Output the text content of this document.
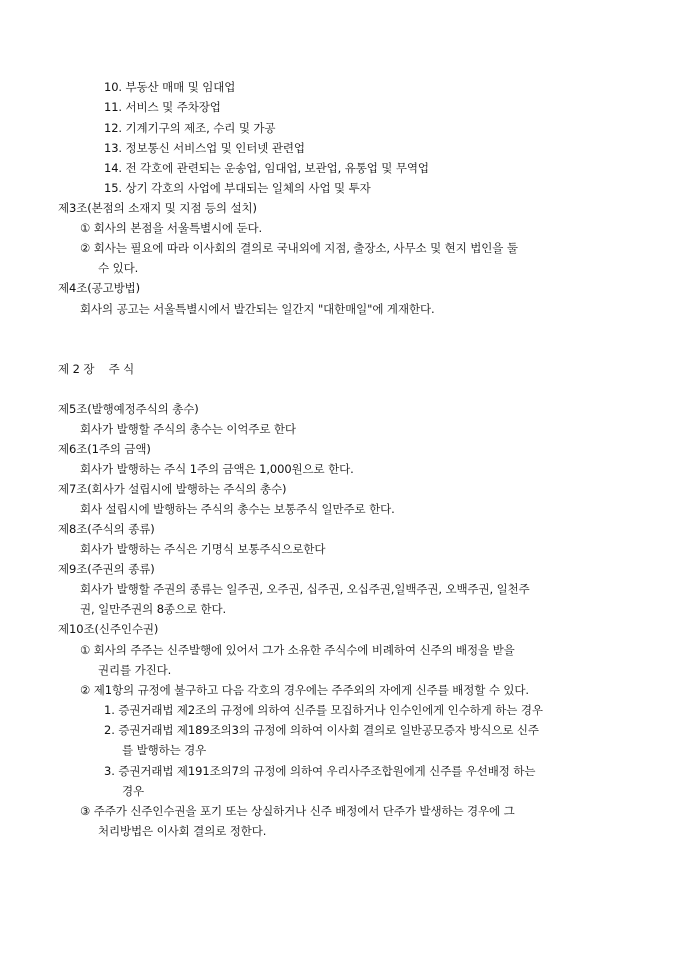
10. 부동산 매매 및 임대업
11. 서비스 및 주차장업
12. 기계기구의 제조, 수리 및 가공
13. 정보통신 서비스업 및 인터넷 관련업
14. 전 각호에 관련되는 운송업, 임대업, 보관업, 유통업 및 무역업
15. 상기 각호의 사업에 부대되는 일체의 사업 및 투자
제3조(본점의 소재지 및 지점 등의 설치)
① 회사의 본점을 서울특별시에 둔다.
② 회사는 필요에 따라 이사회의 결의로 국내외에 지점, 출장소, 사무소 및 현지 법인을 둘
수 있다.
제4조(공고방법)
회사의 공고는 서울특별시에서 발간되는 일간지 "대한매일"에 게재한다.
제 2 장    주 식
제5조(발행예정주식의 총수)
회사가 발행할 주식의 총수는 이억주로 한다
제6조(1주의 금액)
회사가 발행하는 주식 1주의 금액은 1,000원으로 한다.
제7조(회사가 설립시에 발행하는 주식의 총수)
회사 설립시에 발행하는 주식의 총수는 보통주식 일만주로 한다.
제8조(주식의 종류)
회사가 발행하는 주식은 기명식 보통주식으로한다
제9조(주권의 종류)
회사가 발행할 주권의 종류는 일주권, 오주권, 십주권, 오십주권,일백주권, 오백주권, 일천주
권, 일만주권의 8종으로 한다.
제10조(신주인수권)
① 회사의 주주는 신주발행에 있어서 그가 소유한 주식수에 비례하여 신주의 배정을 받을
권리를 가진다.
② 제1항의 규정에 불구하고 다음 각호의 경우에는 주주외의 자에게 신주를 배정할 수 있다.
1. 증권거래법 제2조의 규정에 의하여 신주를 모집하거나 인수인에게 인수하게 하는 경우
2. 증권거래법 제189조의3의 규정에 의하여 이사회 결의로 일반공모증자 방식으로 신주
를 발행하는 경우
3. 증권거래법 제191조의7의 규정에 의하여 우리사주조합원에게 신주를 우선배정 하는
경우
③ 주주가 신주인수권을 포기 또는 상실하거나 신주 배정에서 단주가 발생하는 경우에 그
처리방법은 이사회 결의로 정한다.
